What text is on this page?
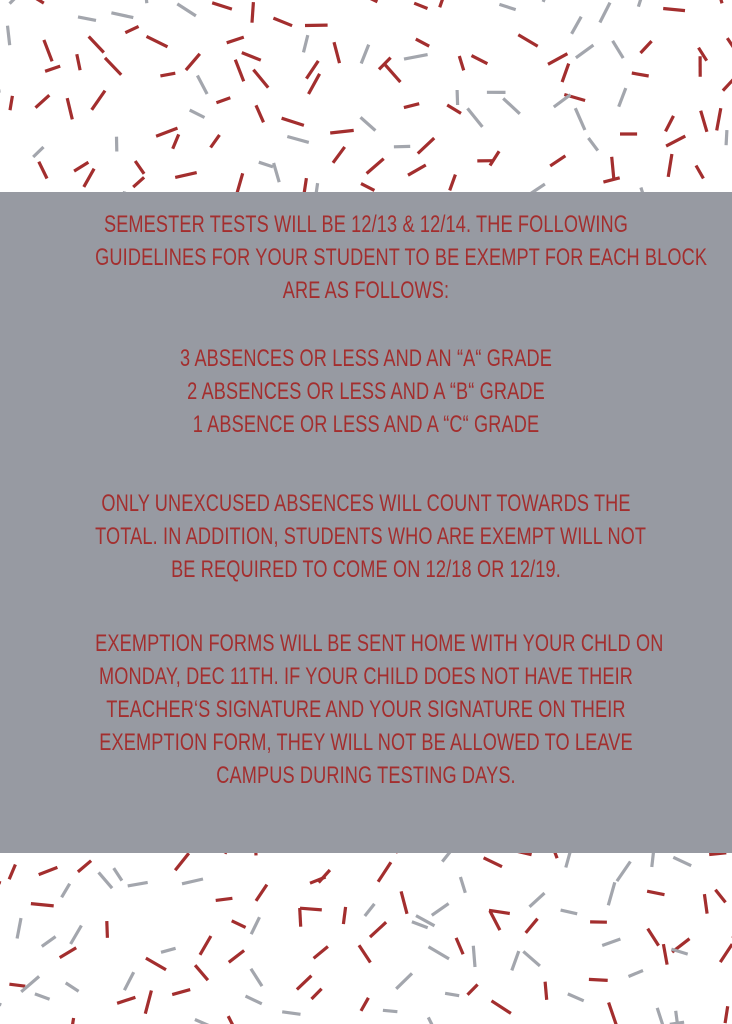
SEMESTER TESTS WILL BE 12/13 & 12/14. THE FOLLOWING
GUIDELINES FOR YOUR STUDENT TO BE EXEMPT FOR EACH BLOCK
ARE AS FOLLOWS:

3 ABSENCES OR LESS AND AN “A“ GRADE
2 ABSENCES OR LESS AND A “B“ GRADE
1 ABSENCE OR LESS AND A “C“ GRADE

ONLY UNEXCUSED ABSENCES WILL COUNT TOWARDS THE
TOTAL. IN ADDITION, STUDENTS WHO ARE EXEMPT WILL NOT
BE REQUIRED TO COME ON 12/18 OR 12/19.

EXEMPTION FORMS WILL BE SENT HOME WITH YOUR CHLD ON
MONDAY, DEC 11TH. IF YOUR CHILD DOES NOT HAVE THEIR
TEACHER‘S SIGNATURE AND YOUR SIGNATURE ON THEIR
EXEMPTION FORM, THEY WILL NOT BE ALLOWED TO LEAVE
CAMPUS DURING TESTING DAYS.
